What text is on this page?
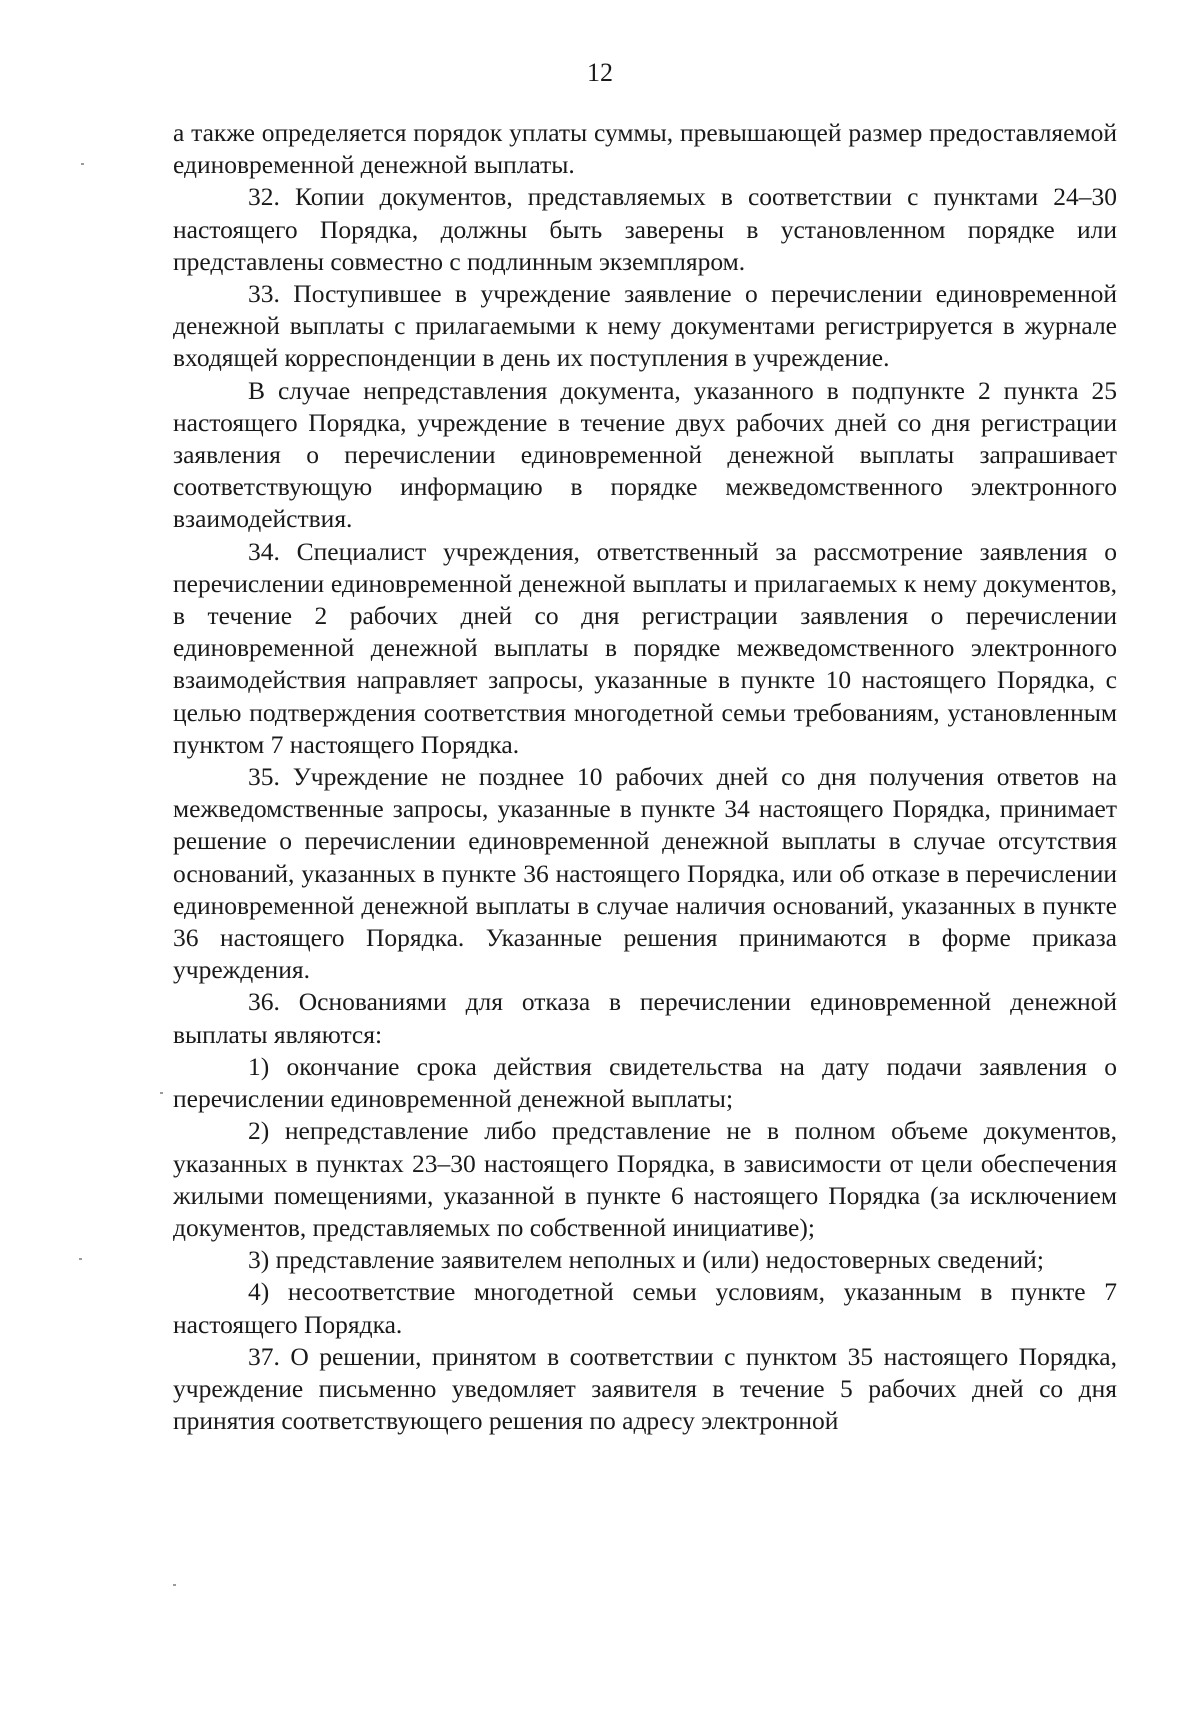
12

а также определяется порядок уплаты суммы, превышающей размер предоставляемой единовременной денежной выплаты.

32. Копии документов, представляемых в соответствии с пунктами 24–30 настоящего Порядка, должны быть заверены в установленном порядке или представлены совместно с подлинным экземпляром.

33. Поступившее в учреждение заявление о перечислении единовременной денежной выплаты с прилагаемыми к нему документами регистрируется в журнале входящей корреспонденции в день их поступления в учреждение.

В случае непредставления документа, указанного в подпункте 2 пункта 25 настоящего Порядка, учреждение в течение двух рабочих дней со дня регистрации заявления о перечислении единовременной денежной выплаты запрашивает соответствующую информацию в порядке межведомственного электронного взаимодействия.

34. Специалист учреждения, ответственный за рассмотрение заявления о перечислении единовременной денежной выплаты и прилагаемых к нему документов, в течение 2 рабочих дней со дня регистрации заявления о перечислении единовременной денежной выплаты в порядке межведомственного электронного взаимодействия направляет запросы, указанные в пункте 10 настоящего Порядка, с целью подтверждения соответствия многодетной семьи требованиям, установленным пунктом 7 настоящего Порядка.

35. Учреждение не позднее 10 рабочих дней со дня получения ответов на межведомственные запросы, указанные в пункте 34 настоящего Порядка, принимает решение о перечислении единовременной денежной выплаты в случае отсутствия оснований, указанных в пункте 36 настоящего Порядка, или об отказе в перечислении единовременной денежной выплаты в случае наличия оснований, указанных в пункте 36 настоящего Порядка. Указанные решения принимаются в форме приказа учреждения.

36. Основаниями для отказа в перечислении единовременной денежной выплаты являются:

1) окончание срока действия свидетельства на дату подачи заявления о перечислении единовременной денежной выплаты;

2) непредставление либо представление не в полном объеме документов, указанных в пунктах 23–30 настоящего Порядка, в зависимости от цели обеспечения жилыми помещениями, указанной в пункте 6 настоящего Порядка (за исключением документов, представляемых по собственной инициативе);

3) представление заявителем неполных и (или) недостоверных сведений;

4) несоответствие многодетной семьи условиям, указанным в пункте 7 настоящего Порядка.

37. О решении, принятом в соответствии с пунктом 35 настоящего Порядка, учреждение письменно уведомляет заявителя в течение 5 рабочих дней со дня принятия соответствующего решения по адресу электронной
